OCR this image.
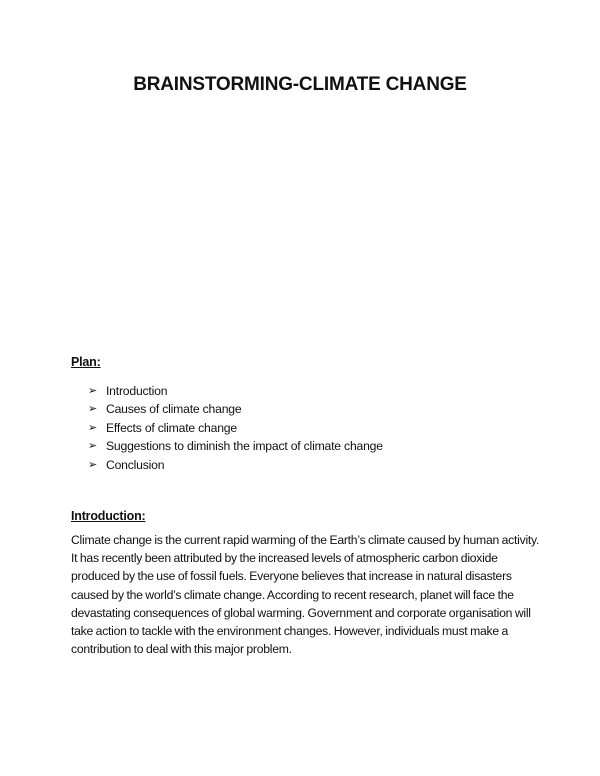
BRAINSTORMING-CLIMATE CHANGE

Plan:

➢ Introduction
➢ Causes of climate change
➢ Effects of climate change
➢ Suggestions to diminish the impact of climate change
➢ Conclusion

Introduction:

Climate change is the current rapid warming of the Earth’s climate caused by human activity. It has recently been attributed by the increased levels of atmospheric carbon dioxide produced by the use of fossil fuels. Everyone believes that increase in natural disasters caused by the world’s climate change. According to recent research, planet will face the devastating consequences of global warming. Government and corporate organisation will take action to tackle with the environment changes. However, individuals must make a contribution to deal with this major problem.
